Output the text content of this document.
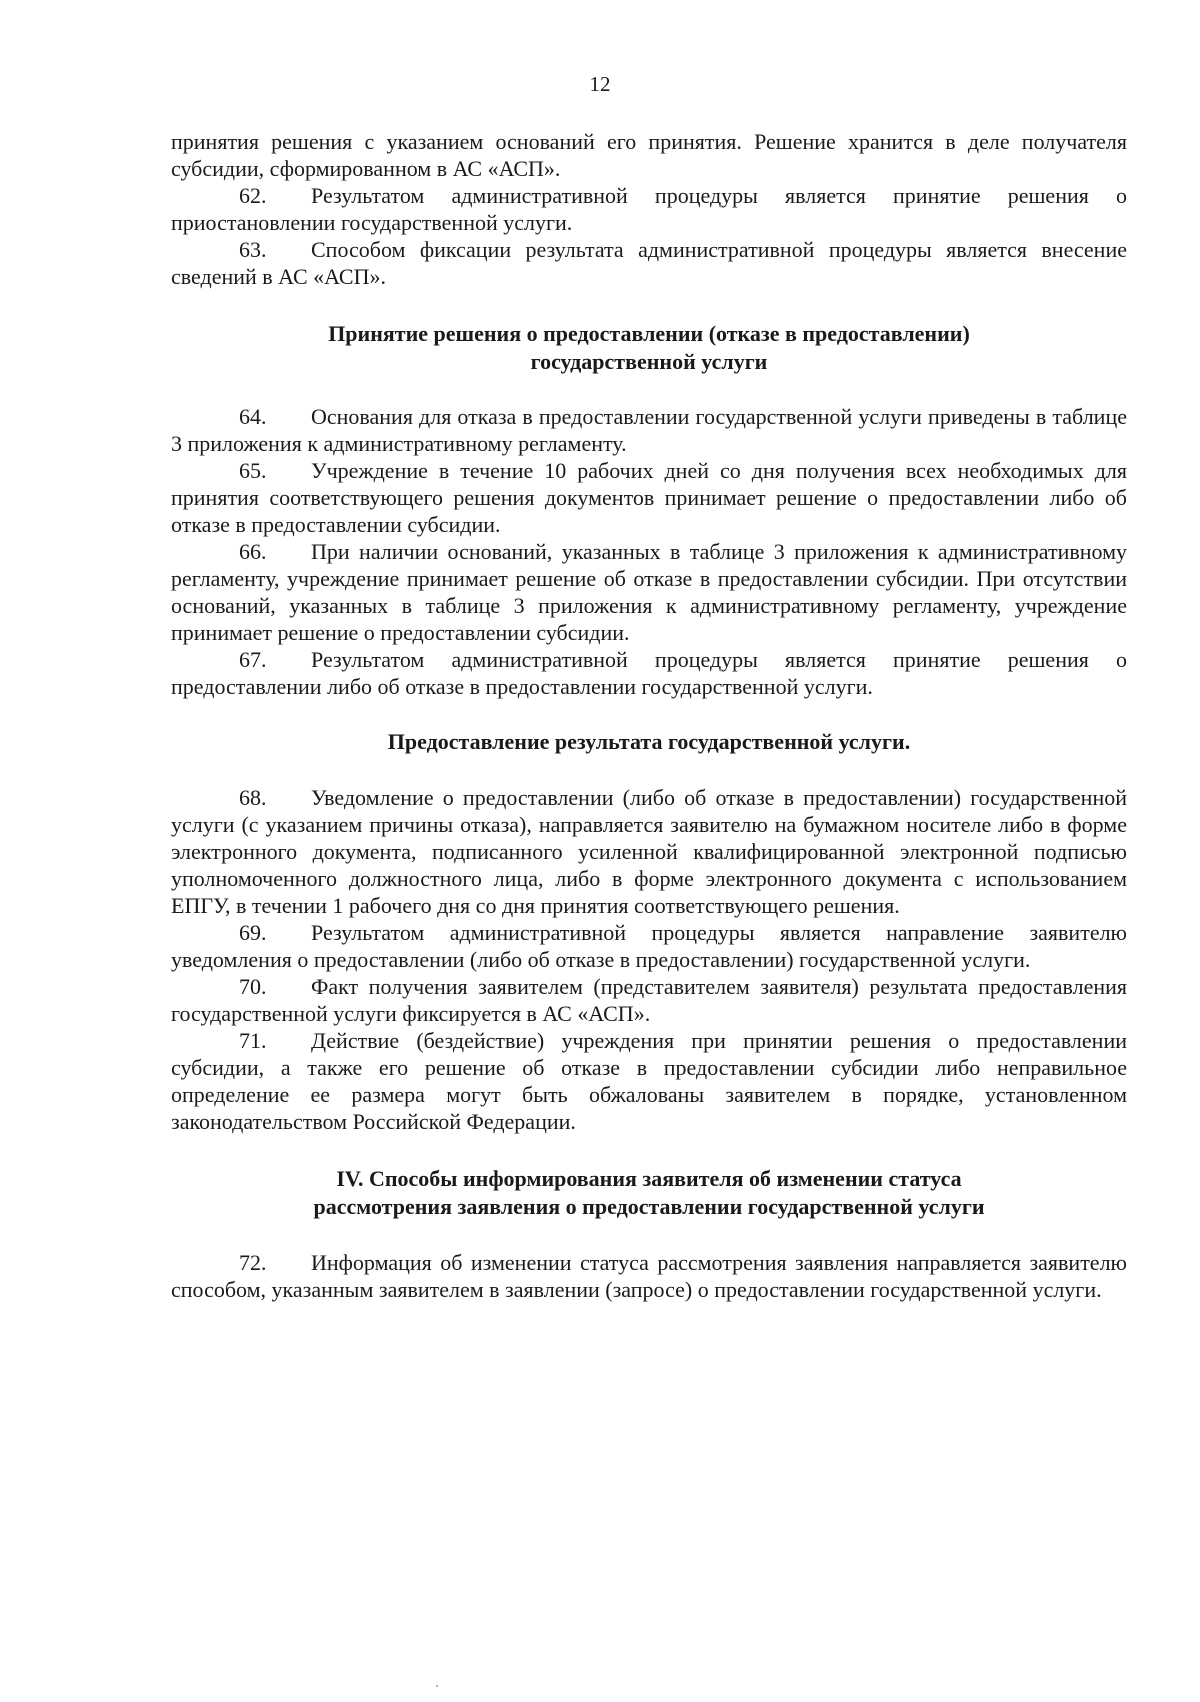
12

принятия решения с указанием оснований его принятия. Решение хранится в деле получателя субсидии, сформированном в АС «АСП».

62. Результатом административной процедуры является принятие решения о приостановлении государственной услуги.

63. Способом фиксации результата административной процедуры является внесение сведений в АС «АСП».

Принятие решения о предоставлении (отказе в предоставлении)
государственной услуги

64. Основания для отказа в предоставлении государственной услуги приведены в таблице 3 приложения к административному регламенту.

65. Учреждение в течение 10 рабочих дней со дня получения всех необходимых для принятия соответствующего решения документов принимает решение о предоставлении либо об отказе в предоставлении субсидии.

66. При наличии оснований, указанных в таблице 3 приложения к административному регламенту, учреждение принимает решение об отказе в предоставлении субсидии. При отсутствии оснований, указанных в таблице 3 приложения к административному регламенту, учреждение принимает решение о предоставлении субсидии.

67. Результатом административной процедуры является принятие решения о предоставлении либо об отказе в предоставлении государственной услуги.

Предоставление результата государственной услуги.

68. Уведомление о предоставлении (либо об отказе в предоставлении) государственной услуги (с указанием причины отказа), направляется заявителю на бумажном носителе либо в форме электронного документа, подписанного усиленной квалифицированной электронной подписью уполномоченного должностного лица, либо в форме электронного документа с использованием ЕПГУ, в течении 1 рабочего дня со дня принятия соответствующего решения.

69. Результатом административной процедуры является направление заявителю уведомления о предоставлении (либо об отказе в предоставлении) государственной услуги.

70. Факт получения заявителем (представителем заявителя) результата предоставления государственной услуги фиксируется в АС «АСП».

71. Действие (бездействие) учреждения при принятии решения о предоставлении субсидии, а также его решение об отказе в предоставлении субсидии либо неправильное определение ее размера могут быть обжалованы заявителем в порядке, установленном законодательством Российской Федерации.

IV. Способы информирования заявителя об изменении статуса
рассмотрения заявления о предоставлении государственной услуги

72. Информация об изменении статуса рассмотрения заявления направляется заявителю способом, указанным заявителем в заявлении (запросе) о предоставлении государственной услуги.
